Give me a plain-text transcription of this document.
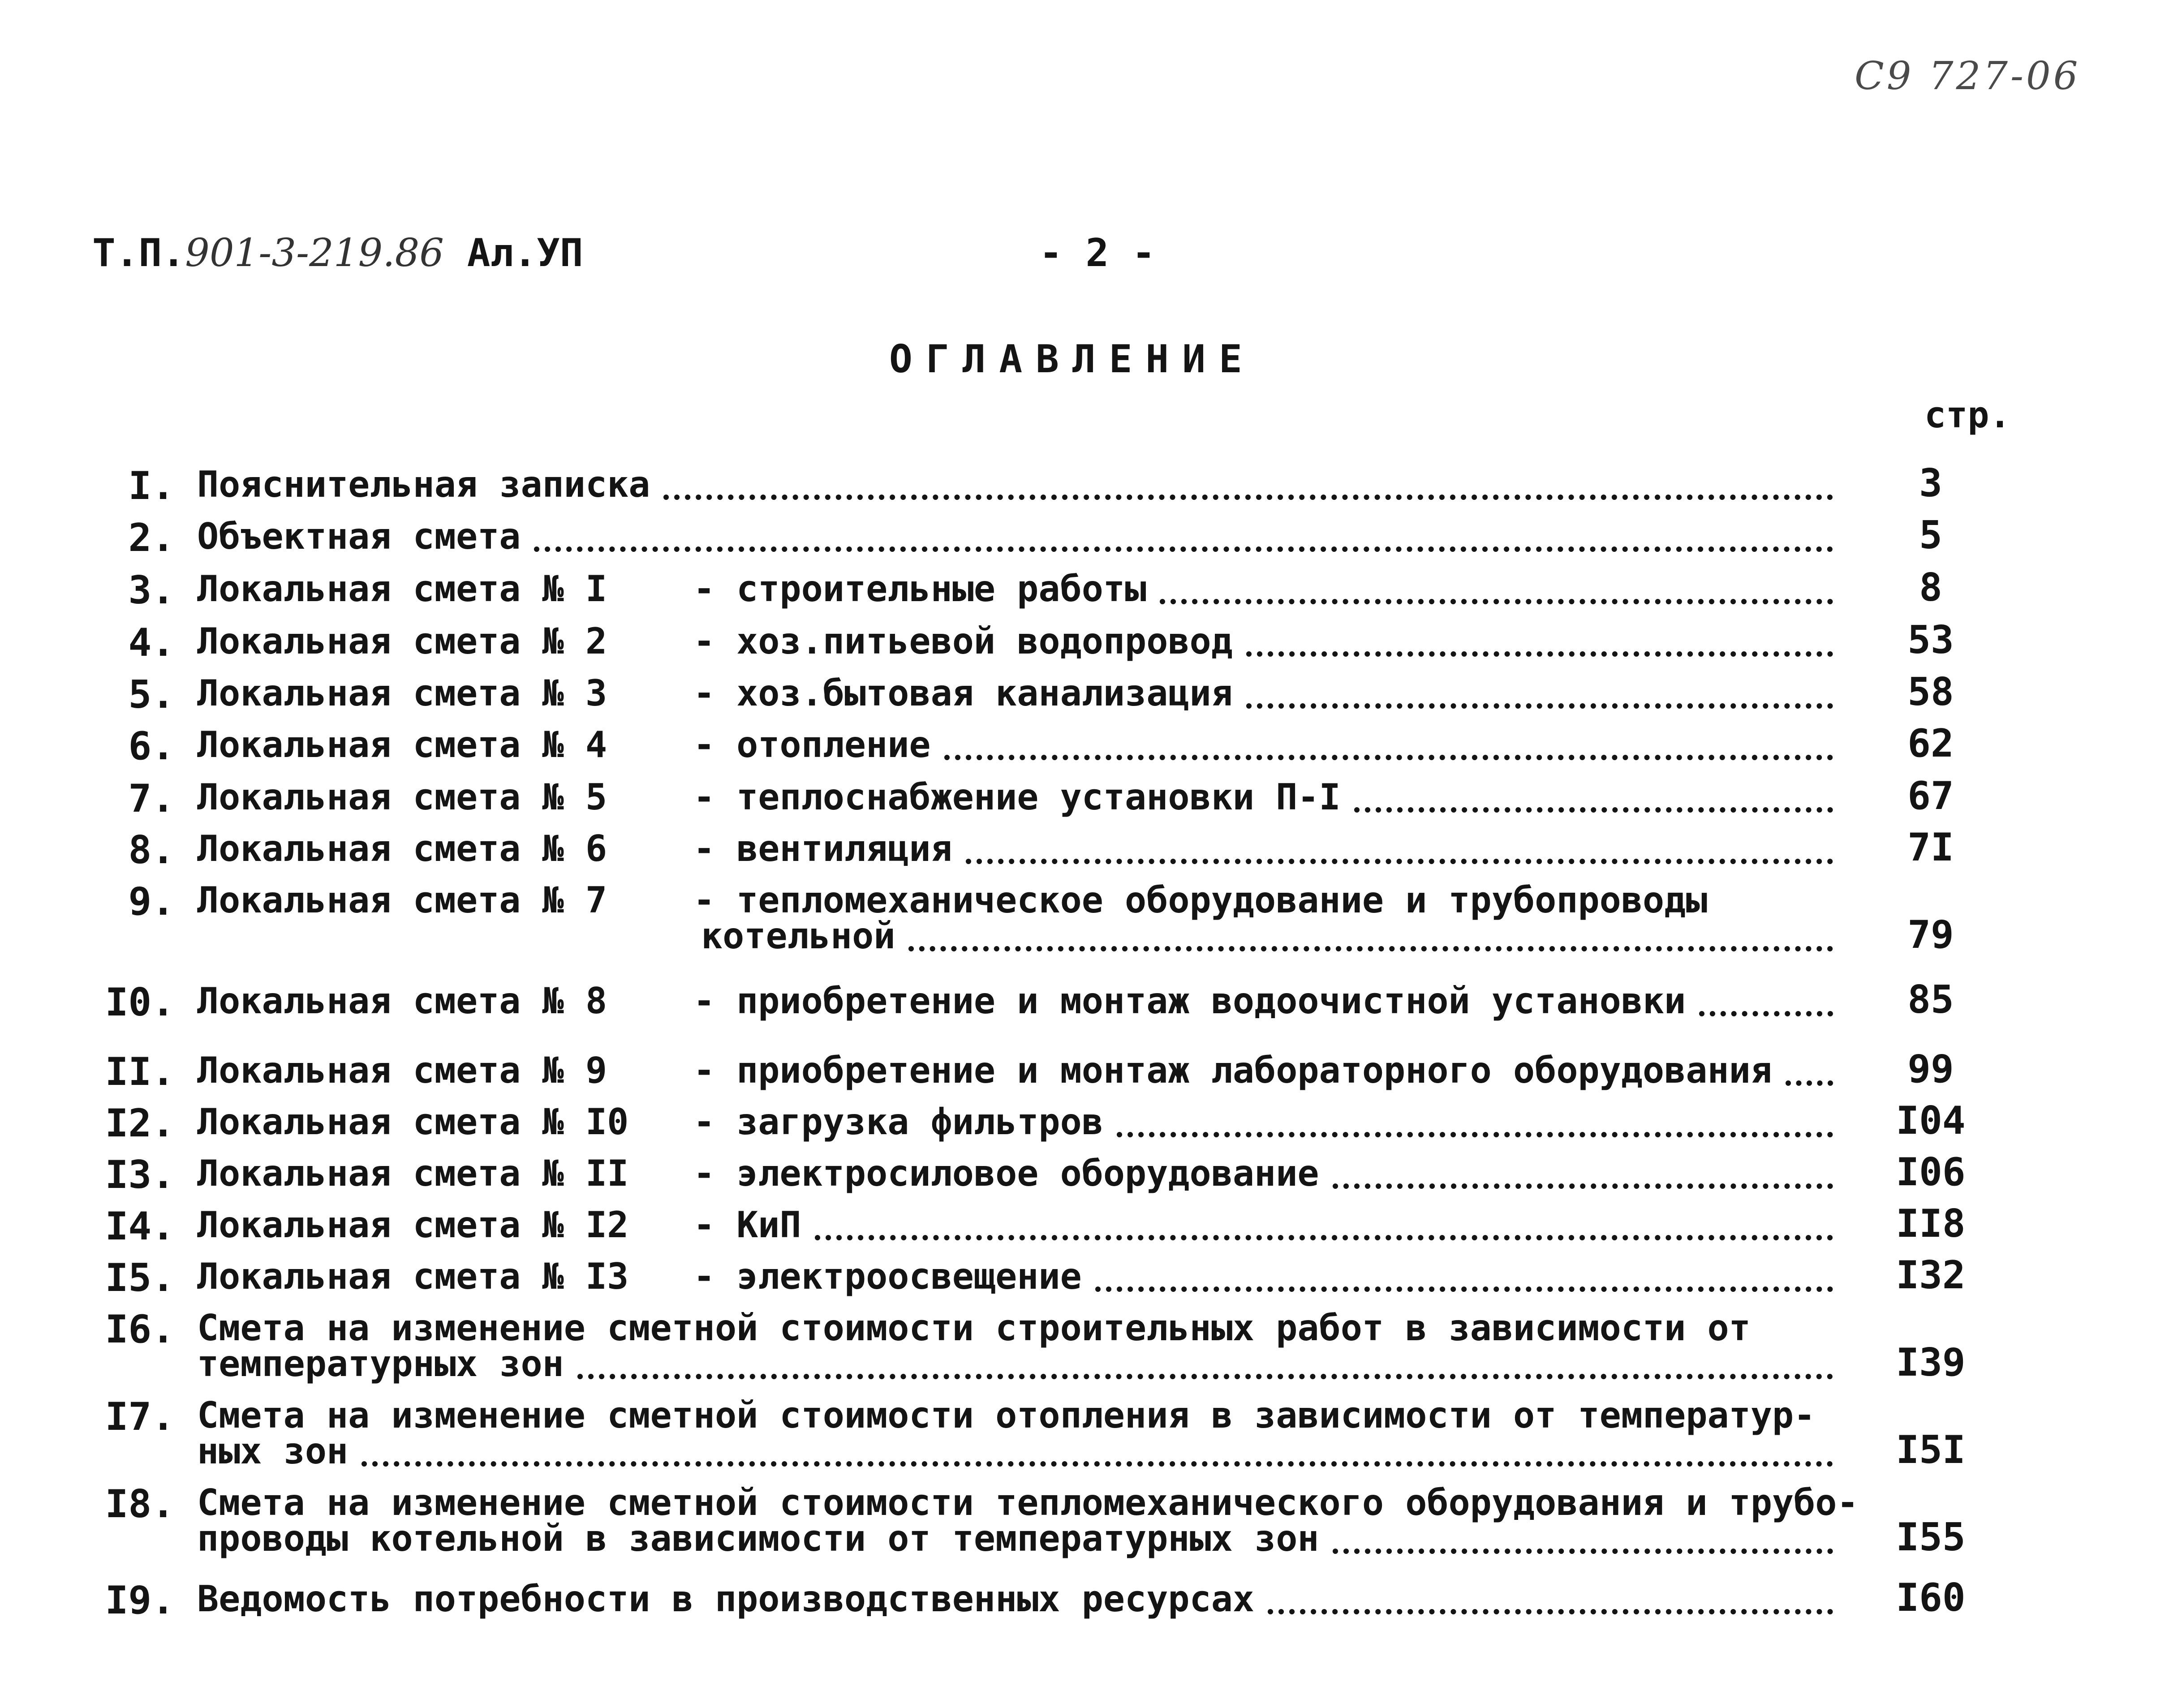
С9 727-06
Т.П.901-3-219.86 Ал.УП	- 2 -
ОГЛАВЛЕНИЕ
стр.
I. Пояснительная записка	3
2. Объектная смета	5
3. Локальная смета № I    - строительные работы	8
4. Локальная смета № 2    - хоз.питьевой водопровод	53
5. Локальная смета № 3    - хоз.бытовая канализация	58
6. Локальная смета № 4    - отопление	62
7. Локальная смета № 5    - теплоснабжение установки П-I	67
8. Локальная смета № 6    - вентиляция	7I
9. Локальная смета № 7    - тепломеханическое оборудование и трубопроводы
котельной	79
I0. Локальная смета № 8    - приобретение и монтаж водоочистной установки	85
II. Локальная смета № 9    - приобретение и монтаж лабораторного оборудования	99
I2. Локальная смета № I0   - загрузка фильтров	I04
I3. Локальная смета № II   - электросиловое оборудование	I06
I4. Локальная смета № I2   - КиП	II8
I5. Локальная смета № I3   - электроосвещение	I32
I6. Смета на изменение сметной стоимости строительных работ в зависимости от
температурных зон	I39
I7. Смета на изменение сметной стоимости отопления в зависимости от температур-
ных зон	I5I
I8. Смета на изменение сметной стоимости тепломеханического оборудования и трубо-
проводы котельной в зависимости от температурных зон	I55
I9. Ведомость потребности в производственных ресурсах	I60
